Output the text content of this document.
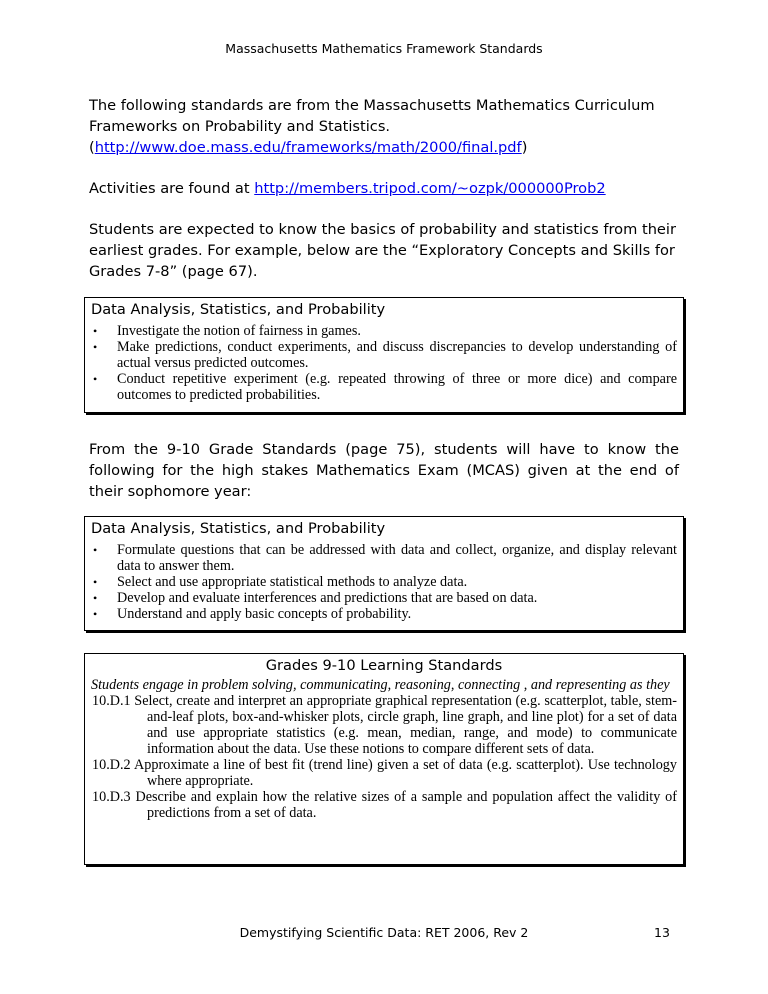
Massachusetts Mathematics Framework Standards
The following standards are from the Massachusetts Mathematics Curriculum
Frameworks on Probability and Statistics.
(http://www.doe.mass.edu/frameworks/math/2000/final.pdf)
Activities are found at http://members.tripod.com/~ozpk/000000Prob2
Students are expected to know the basics of probability and statistics from their earliest grades. For example, below are the “Exploratory Concepts and Skills for Grades 7-8” (page 67).
Data Analysis, Statistics, and Probability
• Investigate the notion of fairness in games.
• Make predictions, conduct experiments, and discuss discrepancies to develop understanding of actual versus predicted outcomes.
• Conduct repetitive experiment (e.g. repeated throwing of three or more dice) and compare outcomes to predicted probabilities.
From the 9-10 Grade Standards (page 75), students will have to know the following for the high stakes Mathematics Exam (MCAS) given at the end of their sophomore year:
Data Analysis, Statistics, and Probability
• Formulate questions that can be addressed with data and collect, organize, and display relevant data to answer them.
• Select and use appropriate statistical methods to analyze data.
• Develop and evaluate interferences and predictions that are based on data.
• Understand and apply basic concepts of probability.
Grades 9-10 Learning Standards
Students engage in problem solving, communicating, reasoning, connecting , and representing as they
10.D.1 Select, create and interpret an appropriate graphical representation (e.g. scatterplot, table, stem-and-leaf plots, box-and-whisker plots, circle graph, line graph, and line plot) for a set of data and use appropriate statistics (e.g. mean, median, range, and mode) to communicate information about the data. Use these notions to compare different sets of data.
10.D.2 Approximate a line of best fit (trend line) given a set of data (e.g. scatterplot). Use technology where appropriate.
10.D.3 Describe and explain how the relative sizes of a sample and population affect the validity of predictions from a set of data.
Demystifying Scientific Data: RET 2006, Rev 2	13
